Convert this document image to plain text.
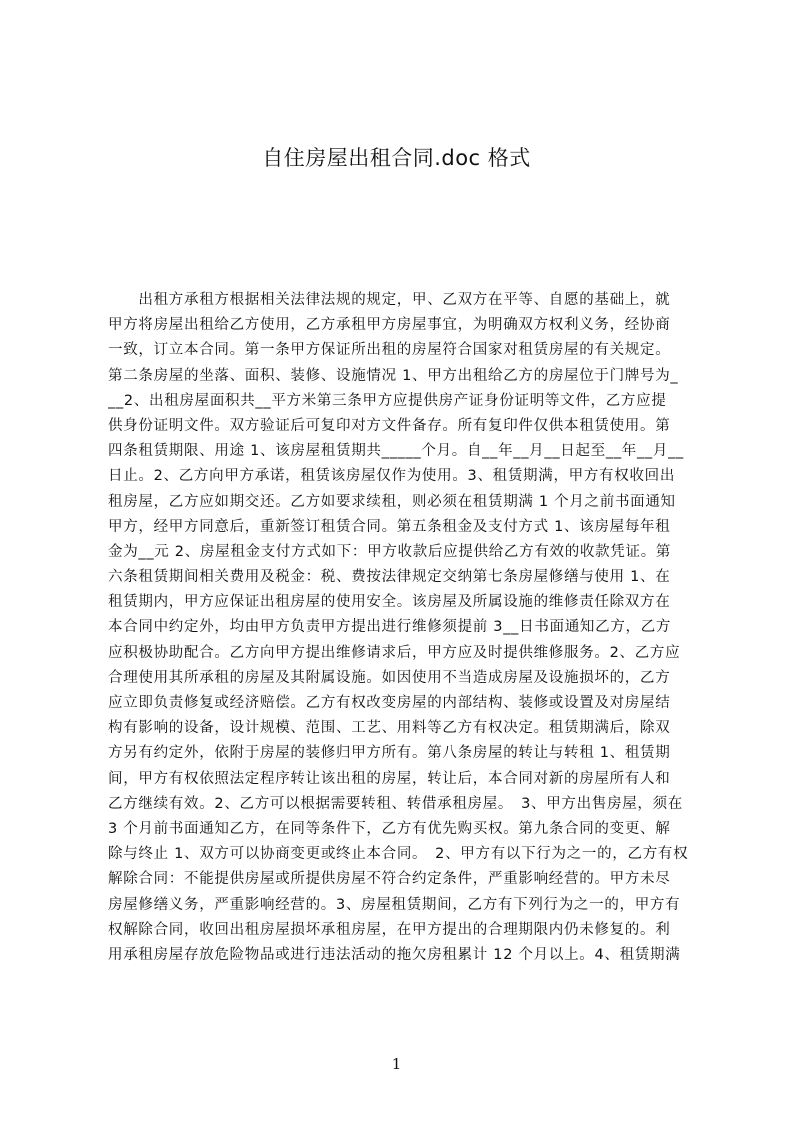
自住房屋出租合同.doc 格式
　　出租方承租方根据相关法律法规的规定，甲、乙双方在平等、自愿的基础上，就
甲方将房屋出租给乙方使用，乙方承租甲方房屋事宜，为明确双方权利义务，经协商
一致，订立本合同。第一条甲方保证所出租的房屋符合国家对租赁房屋的有关规定。
第二条房屋的坐落、面积、装修、设施情况 1、甲方出租给乙方的房屋位于门牌号为_
__2、出租房屋面积共__平方米第三条甲方应提供房产证身份证明等文件，乙方应提
供身份证明文件。双方验证后可复印对方文件备存。所有复印件仅供本租赁使用。第
四条租赁期限、用途 1、该房屋租赁期共_____个月。自__年__月__日起至__年__月__
日止。2、乙方向甲方承诺，租赁该房屋仅作为使用。3、租赁期满，甲方有权收回出
租房屋，乙方应如期交还。乙方如要求续租，则必须在租赁期满 1 个月之前书面通知
甲方，经甲方同意后，重新签订租赁合同。第五条租金及支付方式 1、该房屋每年租
金为__元 2、房屋租金支付方式如下：甲方收款后应提供给乙方有效的收款凭证。第
六条租赁期间相关费用及税金：税、费按法律规定交纳第七条房屋修缮与使用 1、在
租赁期内，甲方应保证出租房屋的使用安全。该房屋及所属设施的维修责任除双方在
本合同中约定外，均由甲方负责甲方提出进行维修须提前 3__日书面通知乙方，乙方
应积极协助配合。乙方向甲方提出维修请求后，甲方应及时提供维修服务。2、乙方应
合理使用其所承租的房屋及其附属设施。如因使用不当造成房屋及设施损坏的，乙方
应立即负责修复或经济赔偿。乙方有权改变房屋的内部结构、装修或设置及对房屋结
构有影响的设备，设计规模、范围、工艺、用料等乙方有权决定。租赁期满后，除双
方另有约定外，依附于房屋的装修归甲方所有。第八条房屋的转让与转租 1、租赁期
间，甲方有权依照法定程序转让该出租的房屋，转让后，本合同对新的房屋所有人和
乙方继续有效。2、乙方可以根据需要转租、转借承租房屋。　3、甲方出售房屋，须在
3 个月前书面通知乙方，在同等条件下，乙方有优先购买权。第九条合同的变更、解
除与终止 1、双方可以协商变更或终止本合同。　2、甲方有以下行为之一的，乙方有权
解除合同：不能提供房屋或所提供房屋不符合约定条件，严重影响经营的。甲方未尽
房屋修缮义务，严重影响经营的。3、房屋租赁期间，乙方有下列行为之一的，甲方有
权解除合同，收回出租房屋损坏承租房屋，在甲方提出的合理期限内仍未修复的。利
用承租房屋存放危险物品或进行违法活动的拖欠房租累计 12 个月以上。4、租赁期满
1
